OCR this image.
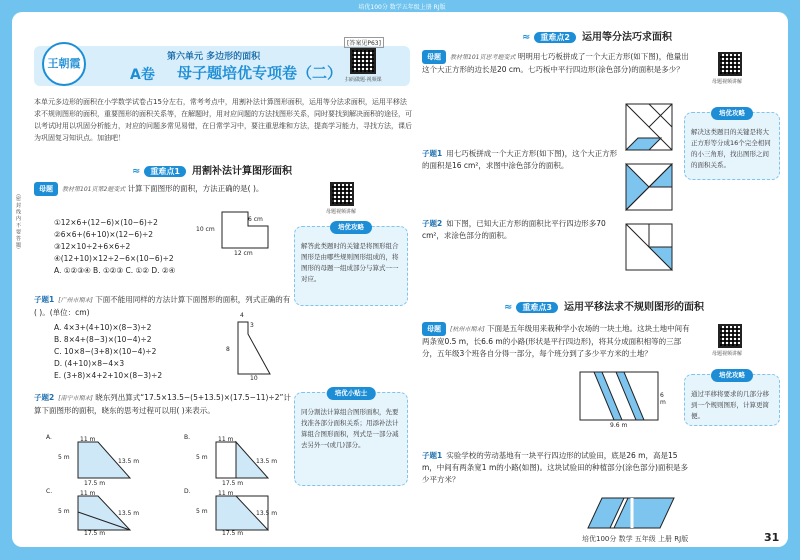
培优100分 数学五年级上册 RJ版
（密 封 线 内 不 要 答 题）
王朝霞	第六单元 多边形的面积
A卷 母子题培优专项卷（二）
[答案见P63]
扫码做题·视频课
本单元多边形的面积在小学数学试卷占15分左右，常考考点中，用割补法计算图形面积，运用等分法求面积，运用平移法求不规则图形的面积，重要图形的面积关系等，在解题时，用对应问题的方法找图形关系，同时要找到解决面积的途径，可以考试时用以巩固分析能力，对应的问题多常见易错，在日常学习中，要注重思维和方法，提高学习能力，寻找方法，课后为巩固复习知识点。加油吧！
≈ 重难点1 用割补法计算图形面积
母题 教材第101页第2题变式 计算下面图形的面积，方法正确的是( )。
①12×6+(12−6)×(10−6)÷2
②6×6+(6+10)×(12−6)÷2
③12×10÷2+6×6÷2
④(12+10)×12÷2−6×(10−6)÷2
A. ①②③④ B. ①②③ C. ①② D. ②④
6 cm
10 cm
12 cm
母题视频讲解
培优攻略
解答此类题时的关键是将图形组合图形是由哪些规则图形组成的，将图形的母题一组成部分与算式一一对应。
子题1 [广州市期末] 下面不能用同样的方法计算下面图形的面积，列式正确的有( )。(单位：cm)
A. 4×3+(4+10)×(8−3)÷2
B. 8×4+(8−3)×(10−4)÷2
C. 10×8−(3+8)×(10−4)÷2
D. (4+10)×8−4×3
E. (3+8)×4+2+10×(8−3)÷2
3
4
8
10
子题2 [南宁市期末] 晓东列出算式“17.5×13.5−(5+13.5)×(17.5−11)÷2”计算下面图形的面积，晓东的思考过程可以用( )来表示。
A.	11 m
5 m
13.5 m
17.5 m
B.	11 m
5 m
13.5 m
17.5 m
C.	11 m
5 m	13.5 m
17.5 m
D.	11 m
5 m	13.5 m
17.5 m
培优小贴士
同分割法计算组合图形面积，先要找准各部分面积关系；用添补法计算组合图形面积，列式是一部分减去另外一(或几)部分。
≈ 重难点2 运用等分法巧求面积
母题 教材第101页思考题变式 明明用七巧板拼成了一个大正方形(如下图)，他量出这个大正方形的边长是20 cm。七巧板中平行四边形(涂色部分)的面积是多少？
母题视频讲解
培优攻略
解决这类题目的关键是将大正方形等分成16个完全相同的小三角形，找出图形之间的面积关系。
子题1 用七巧板拼成一个大正方形(如下图)，这个大正方形的面积是16 cm²，求图中涂色部分的面积。
子题2 如下图，已知大正方形的面积比平行四边形多70 cm²，求涂色部分的面积。
≈ 重难点3 运用平移法求不规则图形的面积
母题 [杭州市期末] 下面是五年级用来栽种学小农场的一块土地。这块土地中间有两条宽0.5 m，长6.6 m的小路(形状是平行四边形)，将其分成面积相等的三部分，五年级3个班各自分得一部分，每个班分到了多少平方米的土地？	母题视频讲解
9.6 m
6 m
培优攻略
通过平移将要求的几部分移到一个规则图形，计算更简便。
子题1 实验学校的劳动基地有一块平行四边形的试验田，底是26 m，高是15 m，中间有两条宽1 m的小路(如图)。这块试验田的种植部分(涂色部分)面积是多少平方米？
培优100分 数学 五年级 上册 RJ版	31
